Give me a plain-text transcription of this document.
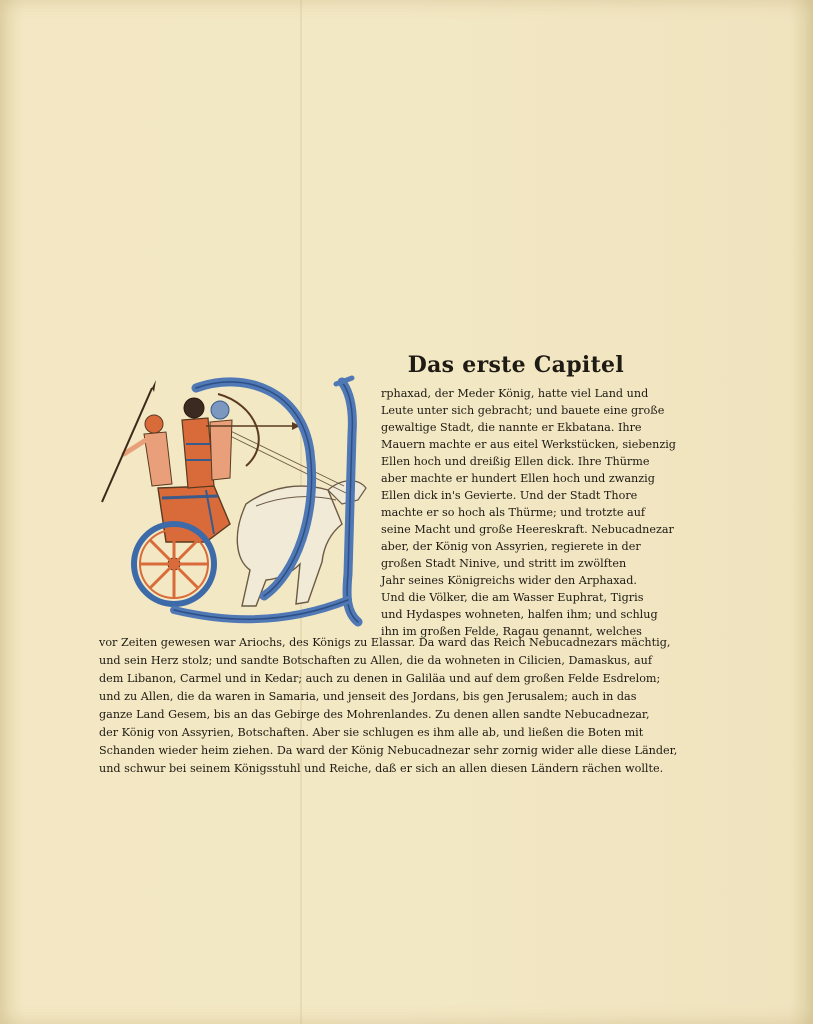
Das erste Capitel
rphaxad, der Meder König, hatte viel Land und
Leute unter sich gebracht; und bauete eine große
gewaltige Stadt, die nannte er Ekbatana. Ihre
Mauern machte er aus eitel Werkstücken, siebenzig
Ellen hoch und dreißig Ellen dick. Ihre Thürme
aber machte er hundert Ellen hoch und zwanzig
Ellen dick in's Gevierte. Und der Stadt Thore
machte er so hoch als Thürme; und trotzte auf
seine Macht und große Heereskraft. Nebucadnezar
aber, der König von Assyrien, regierete in der
großen Stadt Ninive, und stritt im zwölften
Jahr seines Königreichs wider den Arphaxad.
Und die Völker, die am Wasser Euphrat, Tigris
und Hydaspes wohneten, halfen ihm; und schlug
ihn im großen Felde, Ragau genannt, welches
vor Zeiten gewesen war Ariochs, des Königs zu Elassar. Da ward das Reich Nebucadnezars mächtig,
und sein Herz stolz; und sandte Botschaften zu Allen, die da wohneten in Cilicien, Damaskus, auf
dem Libanon, Carmel und in Kedar; auch zu denen in Galiläa und auf dem großen Felde Esdrelom;
und zu Allen, die da waren in Samaria, und jenseit des Jordans, bis gen Jerusalem; auch in das
ganze Land Gesem, bis an das Gebirge des Mohrenlandes. Zu denen allen sandte Nebucadnezar,
der König von Assyrien, Botschaften. Aber sie schlugen es ihm alle ab, und ließen die Boten mit
Schanden wieder heim ziehen. Da ward der König Nebucadnezar sehr zornig wider alle diese Länder,
und schwur bei seinem Königsstuhl und Reiche, daß er sich an allen diesen Ländern rächen wollte.
